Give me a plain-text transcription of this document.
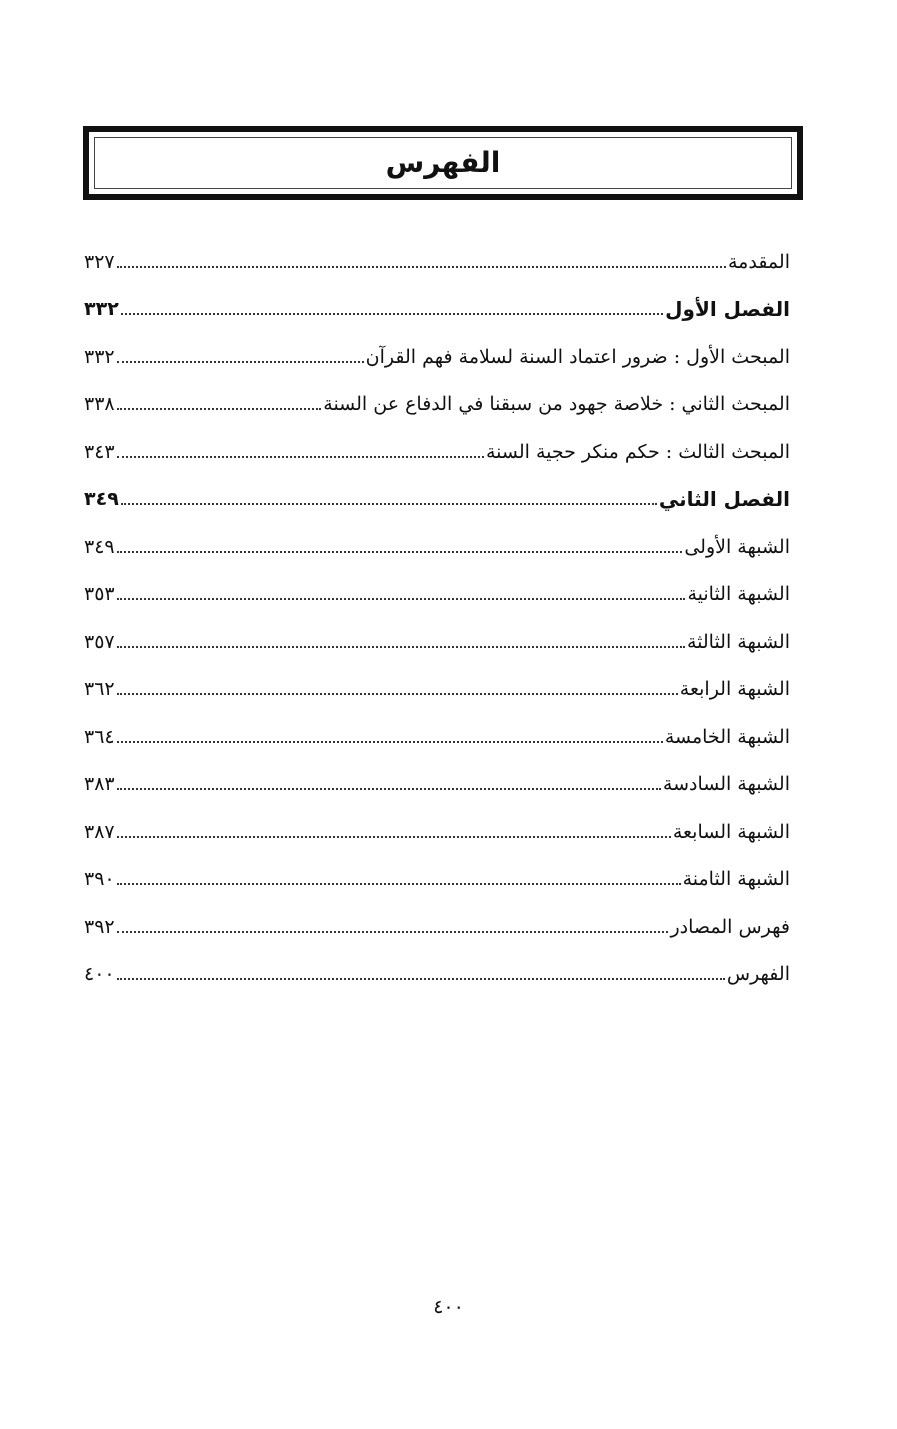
الفهرس
المقدمة
٣٢٧
الفصل الأول
٣٣٢
المبحث الأول : ضرور اعتماد السنة لسلامة فهم القرآن
٣٣٢
المبحث الثاني : خلاصة جهود من سبقنا في الدفاع عن السنة
٣٣٨
المبحث الثالث : حكم منكر حجية السنة
٣٤٣
الفصل الثاني
٣٤٩
الشبهة الأولى
٣٤٩
الشبهة الثانية
٣٥٣
الشبهة الثالثة
٣٥٧
الشبهة الرابعة
٣٦٢
الشبهة الخامسة
٣٦٤
الشبهة السادسة
٣٨٣
الشبهة السابعة
٣٨٧
الشبهة الثامنة
٣٩٠
فهرس المصادر
٣٩٢
الفهرس
٤٠٠
٤٠٠
